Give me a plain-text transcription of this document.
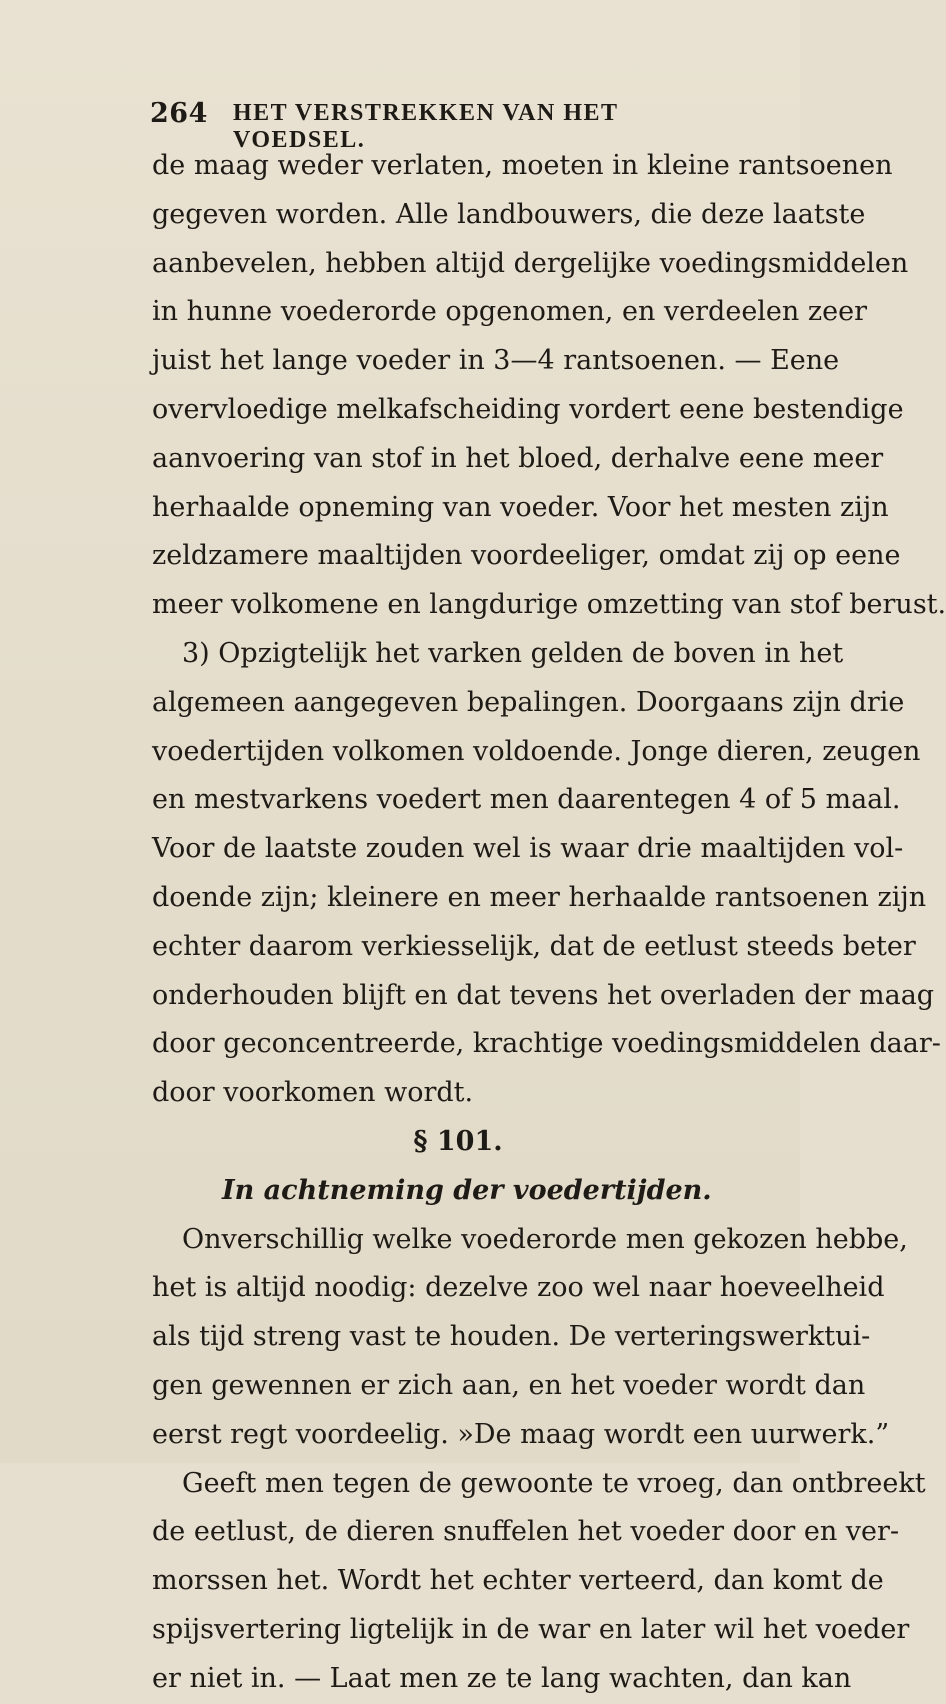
264 HET VERSTREKKEN VAN HET VOEDSEL.
de maag weder verlaten, moeten in kleine rantsoenen
gegeven worden. Alle landbouwers, die deze laatste
aanbevelen, hebben altijd dergelijke voedingsmiddelen
in hunne voederorde opgenomen, en verdeelen zeer
juist het lange voeder in 3—4 rantsoenen. — Eene
overvloedige melkafscheiding vordert eene bestendige
aanvoering van stof in het bloed, derhalve eene meer
herhaalde opneming van voeder. Voor het mesten zijn
zeldzamere maaltijden voordeeliger, omdat zij op eene
meer volkomene en langdurige omzetting van stof berust.
3) Opzigtelijk het varken gelden de boven in het
algemeen aangegeven bepalingen. Doorgaans zijn drie
voedertijden volkomen voldoende. Jonge dieren, zeugen
en mestvarkens voedert men daarentegen 4 of 5 maal.
Voor de laatste zouden wel is waar drie maaltijden vol-
doende zijn; kleinere en meer herhaalde rantsoenen zijn
echter daarom verkiesselijk, dat de eetlust steeds beter
onderhouden blijft en dat tevens het overladen der maag
door geconcentreerde, krachtige voedingsmiddelen daar-
door voorkomen wordt.
§ 101.
In achtneming der voedertijden.
Onverschillig welke voederorde men gekozen hebbe,
het is altijd noodig: dezelve zoo wel naar hoeveelheid
als tijd streng vast te houden. De verteringswerktui-
gen gewennen er zich aan, en het voeder wordt dan
eerst regt voordeelig. »De maag wordt een uurwerk.”
Geeft men tegen de gewoonte te vroeg, dan ontbreekt
de eetlust, de dieren snuffelen het voeder door en ver-
morssen het. Wordt het echter verteerd, dan komt de
spijsvertering ligtelijk in de war en later wil het voeder
er niet in. — Laat men ze te lang wachten, dan kan
